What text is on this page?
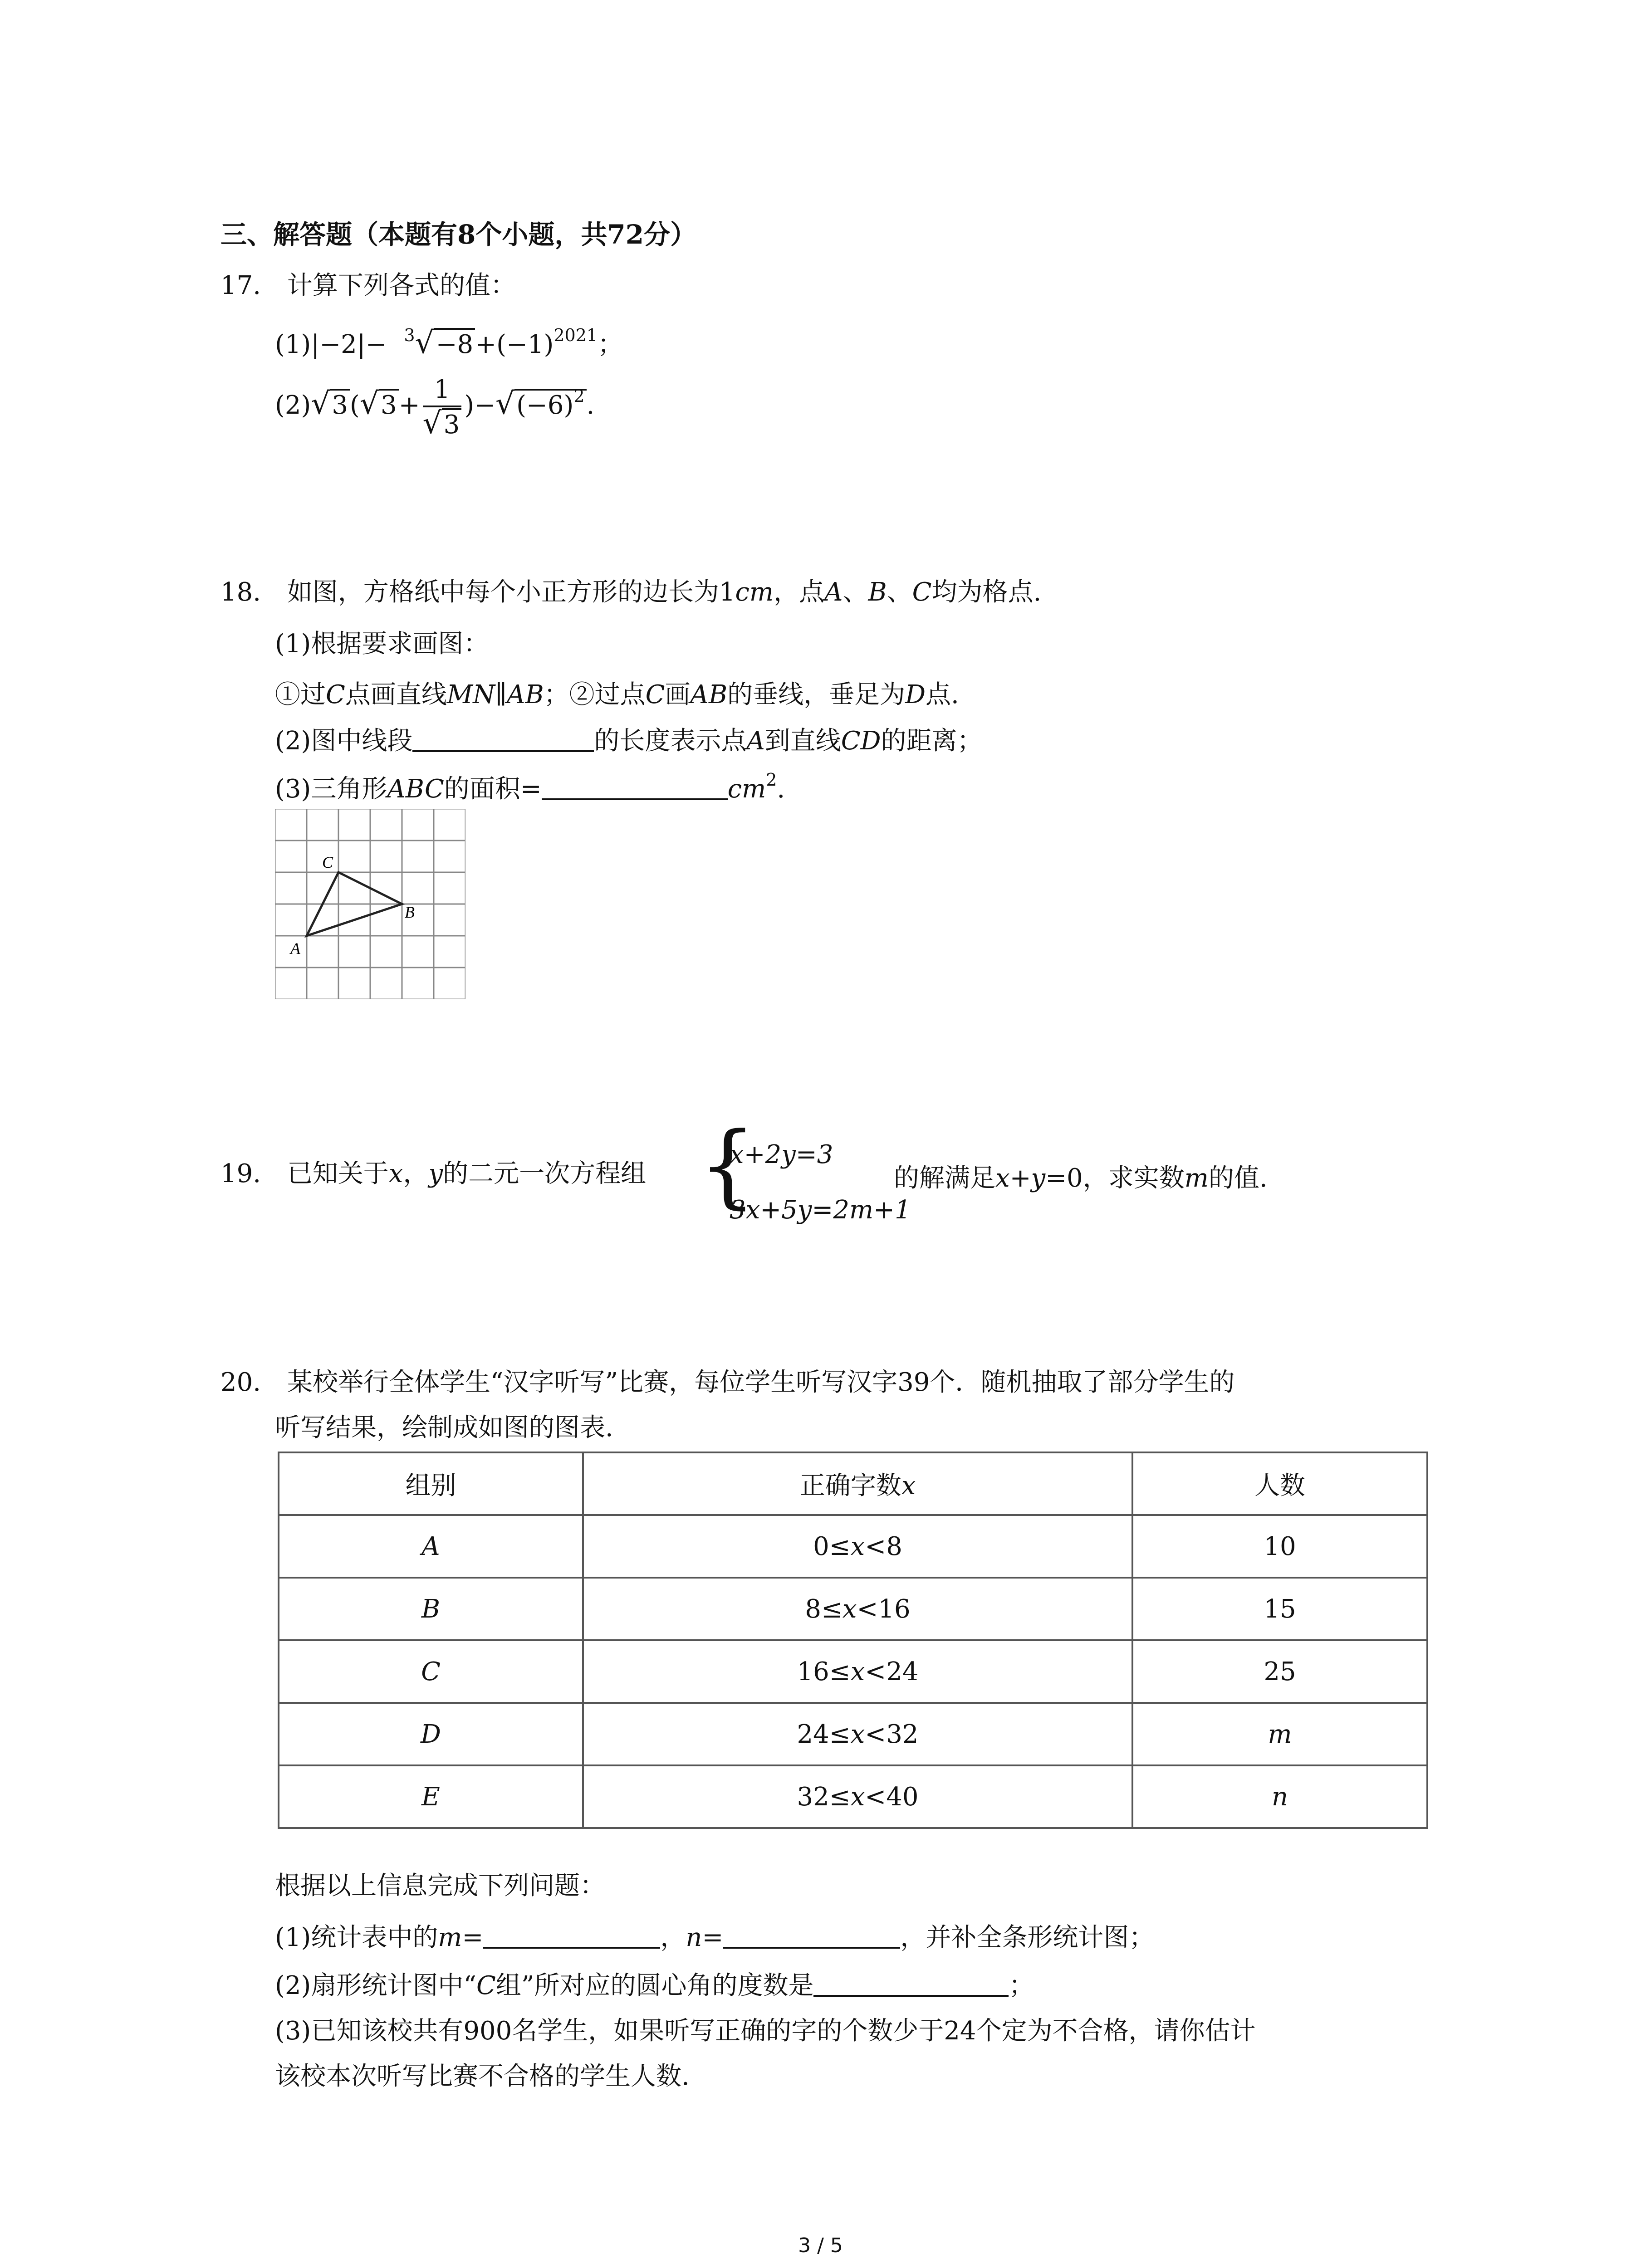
三、解答题（本题有8个小题，共72分）
17. 计算下列各式的值：
$(1)|-2|- ^3√-8+(-1)^{2021}$；
$(2)√3(√3+ \frac{1}{√3} )-√(-6)^2$.
18. 如图，方格纸中每个小正方形的边长为1cm，点A、B、C均为格点.
(1)根据要求画图：
①过C点画直线MN∥AB；②过点C画AB的垂线，垂足为D点.
(2)图中线段	的长度表示点A到直线CD的距离；
(3)三角形ABC的面积=	$cm^2$.
A
C
B
19. 已知关于x，y的二元一次方程组 {
x+2y=3
3x+5y=2m+1
的解满足x+y=0，求实数m的值.
20. 某校举行全体学生“汉字听写”比赛，每位学生听写汉字39个．随机抽取了部分学生的
听写结果，绘制成如图的图表.
组别	正确字数x	人数
A	0≤x<8	10
B	8≤x<16	15
C	16≤x<24	25
D	24≤x<32	m
E	32≤x<40	n
根据以上信息完成下列问题：
(1)统计表中的m=	，n=	，并补全条形统计图；
(2)扇形统计图中“C组”所对应的圆心角的度数是	；
(3)已知该校共有900名学生，如果听写正确的字的个数少于24个定为不合格，请你估计
该校本次听写比赛不合格的学生人数.
3 / 5
